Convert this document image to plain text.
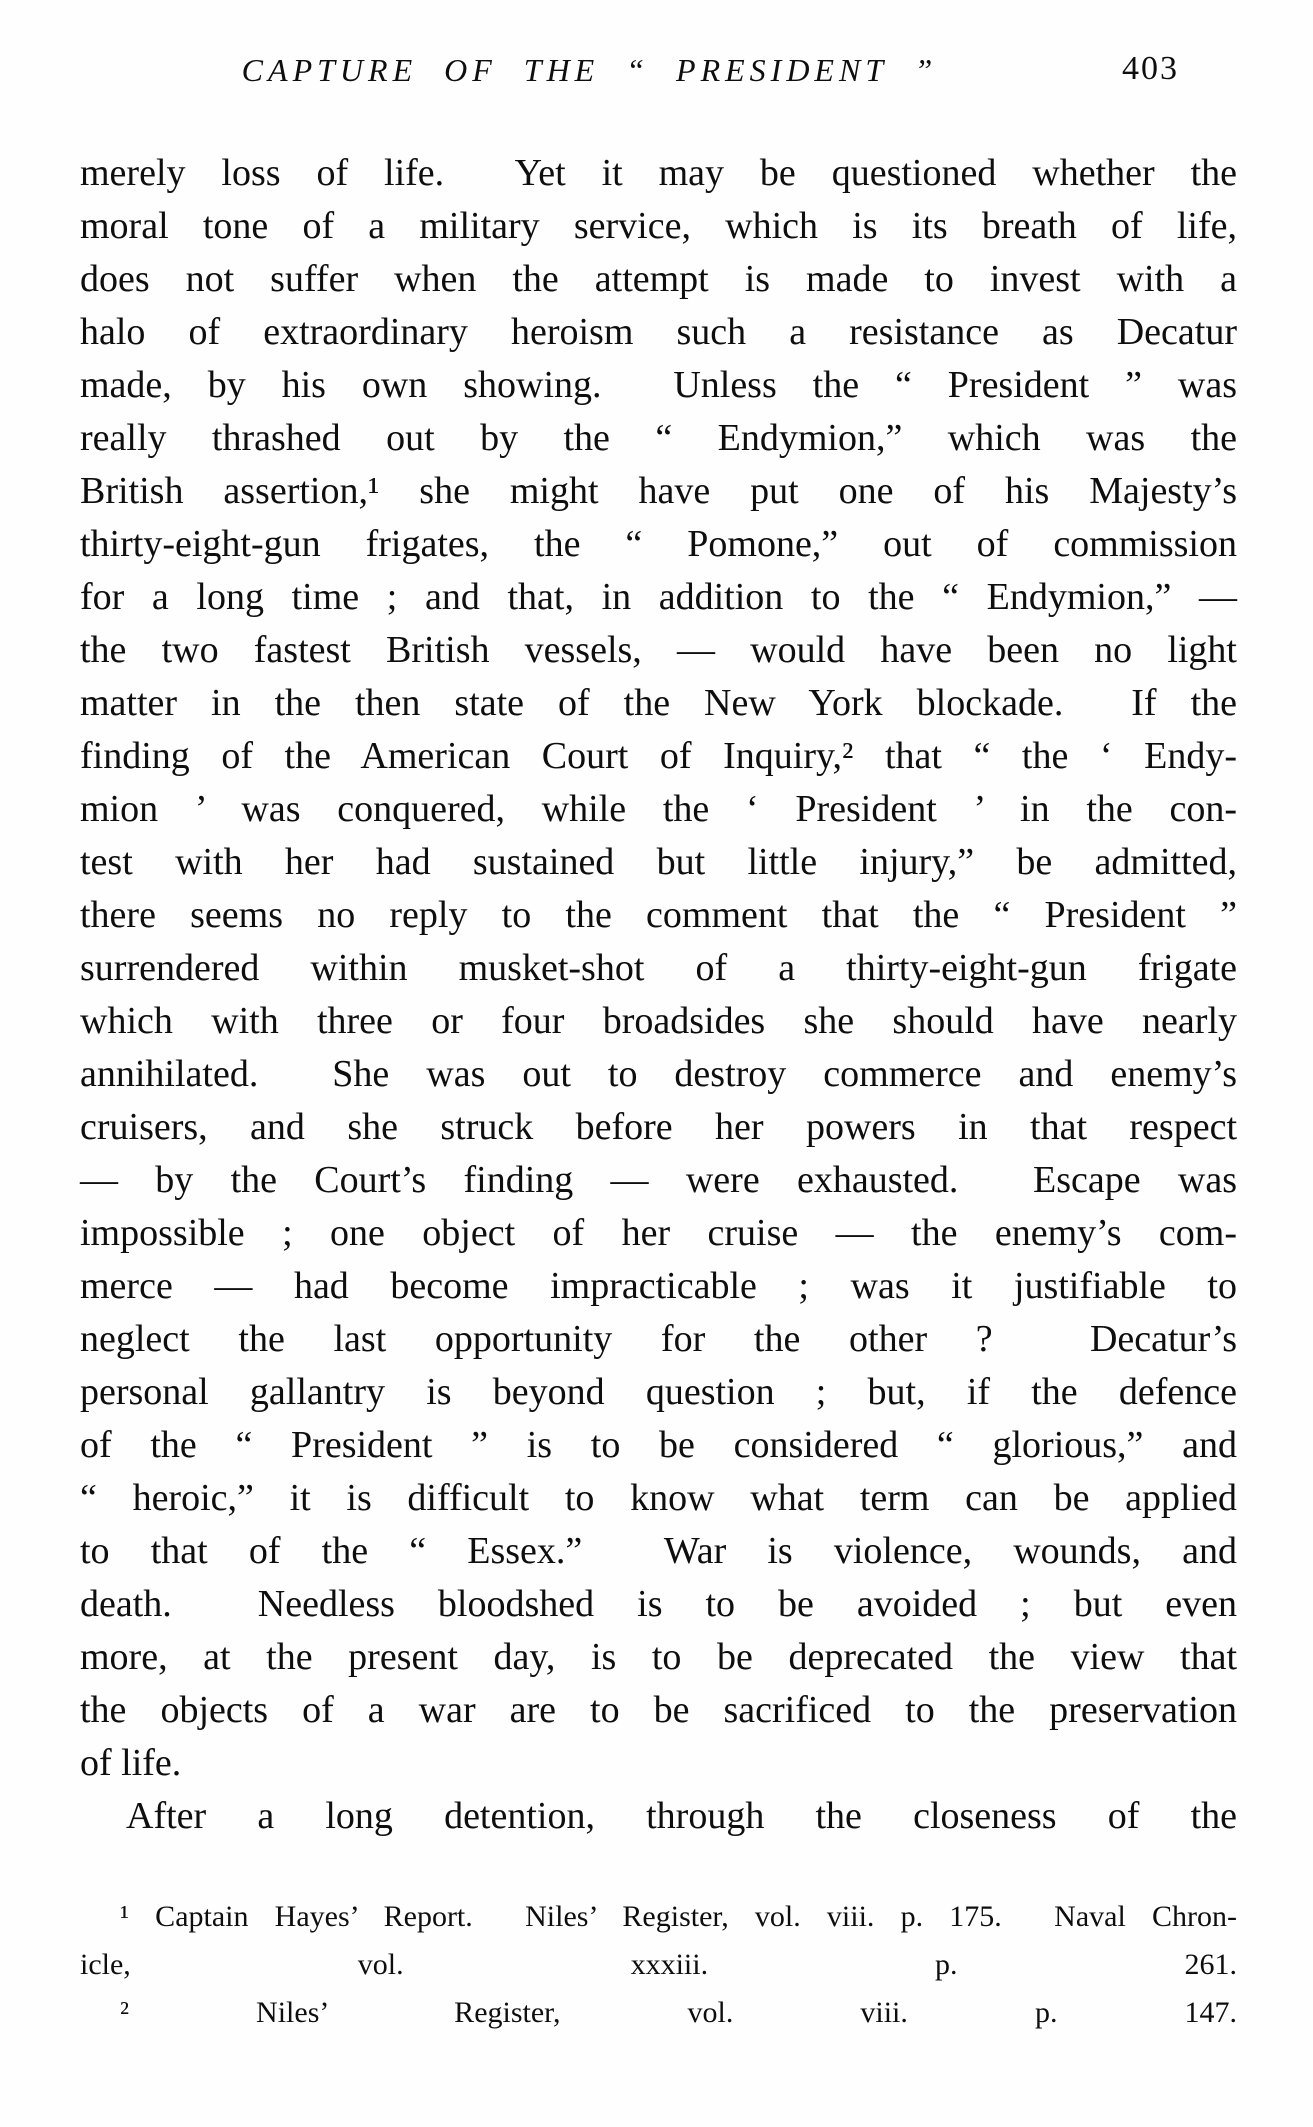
CAPTURE OF THE “ PRESIDENT ”	403
merely loss of life.  Yet it may be questioned whether the
moral tone of a military service, which is its breath of life,
does not suffer when the attempt is made to invest with a
halo of extraordinary heroism such a resistance as Decatur
made, by his own showing.  Unless the “ President ” was
really thrashed out by the “ Endymion,” which was the
British assertion,¹ she might have put one of his Majesty’s
thirty-eight-gun frigates, the “ Pomone,” out of commission
for a long time ; and that, in addition to the “ Endymion,” —
the two fastest British vessels, — would have been no light
matter in the then state of the New York blockade.  If the
finding of the American Court of Inquiry,² that “ the ‘ Endy-
mion ’ was conquered, while the ‘ President ’ in the con-
test with her had sustained but little injury,” be admitted,
there seems no reply to the comment that the “ President ”
surrendered within musket-shot of a thirty-eight-gun frigate
which with three or four broadsides she should have nearly
annihilated.  She was out to destroy commerce and enemy’s
cruisers, and she struck before her powers in that respect
— by the Court’s finding — were exhausted.  Escape was
impossible ; one object of her cruise — the enemy’s com-
merce — had become impracticable ; was it justifiable to
neglect the last opportunity for the other ?  Decatur’s
personal gallantry is beyond question ; but, if the defence
of the “ President ” is to be considered “ glorious,” and
“ heroic,” it is difficult to know what term can be applied
to that of the “ Essex.”  War is violence, wounds, and
death.  Needless bloodshed is to be avoided ; but even
more, at the present day, is to be deprecated the view that
the objects of a war are to be sacrificed to the preservation
of life.
After a long detention, through the closeness of the
¹ Captain Hayes’ Report.  Niles’ Register, vol. viii. p. 175.  Naval Chron-
icle, vol. xxxiii. p. 261.
² Niles’ Register, vol. viii. p. 147.
